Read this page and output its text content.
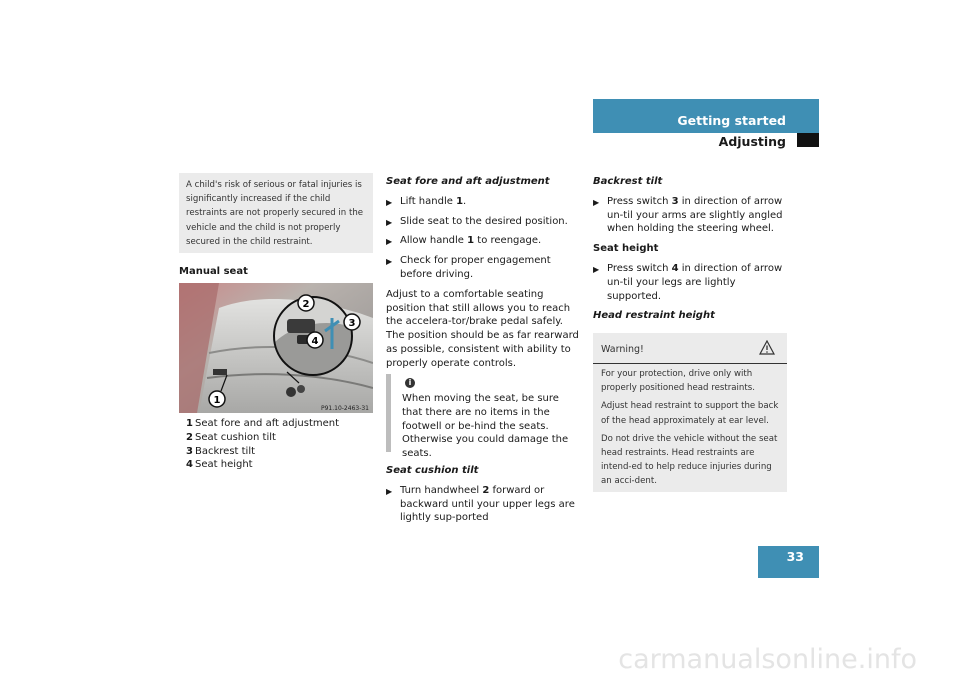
Getting started
Adjusting
A child's risk of serious or fatal injuries is significantly increased if the child restraints are not properly secured in the vehicle and the child is not properly secured in the child restraint.
Manual seat
2
3
4
1
P91.10-2463-31
1 Seat fore and aft adjustment
2 Seat cushion tilt
3 Backrest tilt
4 Seat height
Seat fore and aft adjustment
▶ Lift handle 1.
▶ Slide seat to the desired position.
▶ Allow handle 1 to reengage.
▶ Check for proper engagement before driving.
Adjust to a comfortable seating position that still allows you to reach the accelera-tor/brake pedal safely. The position should be as far rearward as possible, consistent with ability to properly operate controls.
i
When moving the seat, be sure that there are no items in the footwell or be-hind the seats. Otherwise you could damage the seats.
Seat cushion tilt
▶ Turn handwheel 2 forward or backward until your upper legs are lightly sup-ported
Backrest tilt
▶ Press switch 3 in direction of arrow un-til your arms are slightly angled when holding the steering wheel.
Seat height
▶ Press switch 4 in direction of arrow un-til your legs are lightly supported.
Head restraint height
Warning!

For your protection, drive only with properly positioned head restraints.

Adjust head restraint to support the back of the head approximately at ear level.

Do not drive the vehicle without the seat head restraints. Head restraints are intend-ed to help reduce injuries during an acci-dent.

33
carmanualsonline.info
